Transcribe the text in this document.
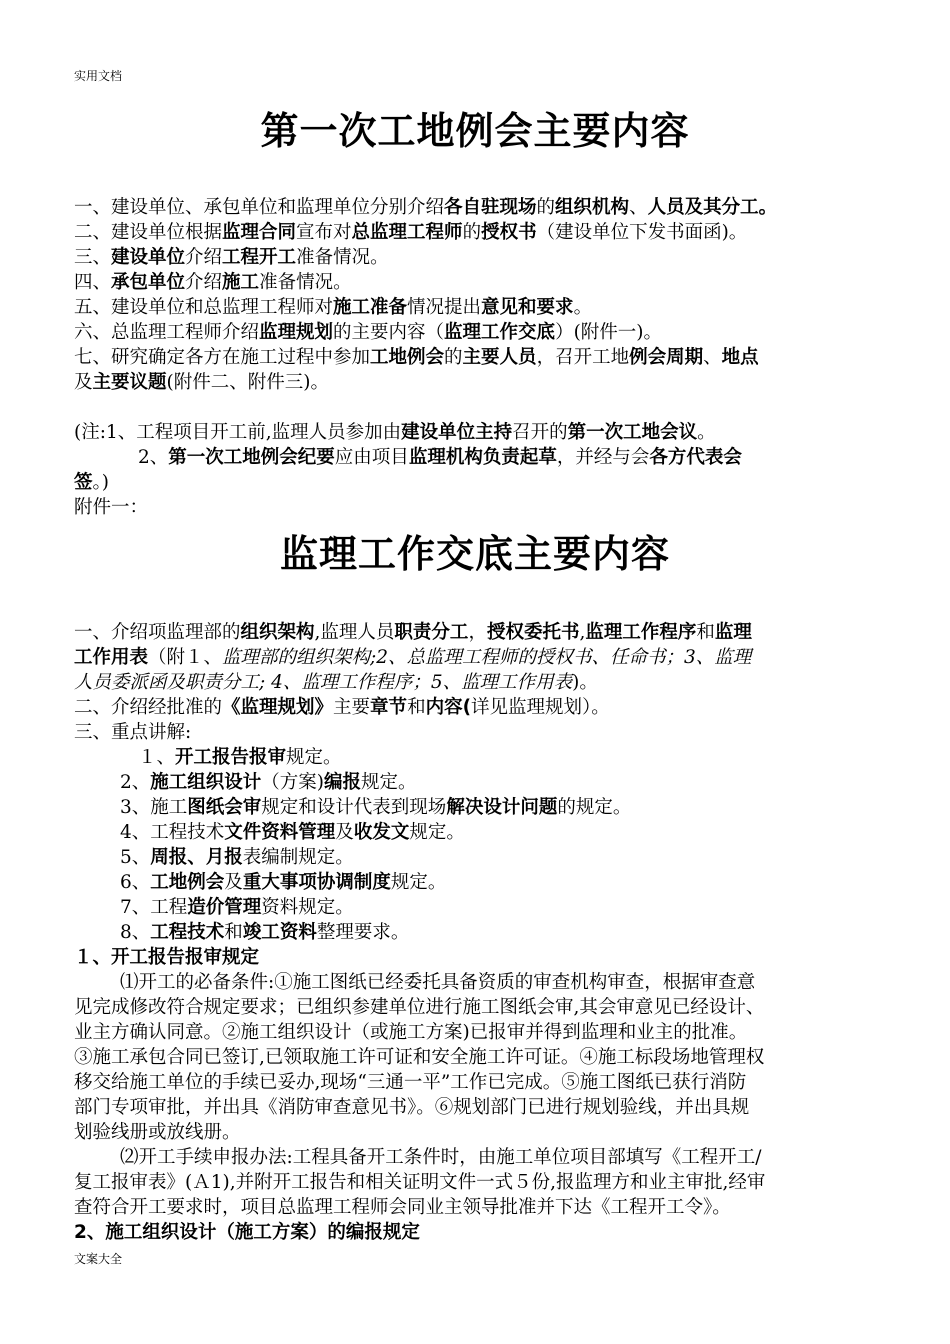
实用文档
第一次工地例会主要内容
监理工作交底主要内容
一、建设单位、承包单位和监理单位分别介绍各自驻现场的组织机构、人员及其分工。
二、建设单位根据监理合同宣布对总监理工程师的授权书（建设单位下发书面函)。
三、建设单位介绍工程开工准备情况。
四、承包单位介绍施工准备情况。
五、建设单位和总监理工程师对施工准备情况提出意见和要求。
六、总监理工程师介绍监理规划的主要内容（监理工作交底）(附件一)。
七、研究确定各方在施工过程中参加工地例会的主要人员，召开工地例会周期、地点
及主要议题(附件二、附件三)。
(注:1、工程项目开工前,监理人员参加由建设单位主持召开的第一次工地会议。
2、第一次工地例会纪要应由项目监理机构负责起草，并经与会各方代表会
签。)
附件一：
一、介绍项监理部的组织架构,监理人员职责分工，授权委托书,监理工作程序和监理
工作用表（附１、监理部的组织架构;2、总监理工程师的授权书、任命书；3、监理
人员委派函及职责分工; 4、监理工作程序；5、监理工作用表)。
二、介绍经批准的《监理规划》主要章节和内容(详见监理规划）。
三、重点讲解:
１、开工报告报审规定。
2、施工组织设计（方案)编报规定。
3、施工图纸会审规定和设计代表到现场解决设计问题的规定。
4、工程技术文件资料管理及收发文规定。
5、周报、月报表编制规定。
6、工地例会及重大事项协调制度规定。
7、工程造价管理资料规定。
8、工程技术和竣工资料整理要求。
１、开工报告报审规定
⑴开工的必备条件:①施工图纸已经委托具备资质的审查机构审查，根据审查意
见完成修改符合规定要求；已组织参建单位进行施工图纸会审,其会审意见已经设计、
业主方确认同意。②施工组织设计（或施工方案)已报审并得到监理和业主的批准。
③施工承包合同已签订,已领取施工许可证和安全施工许可证。④施工标段场地管理权
移交给施工单位的手续已妥办,现场“三通一平”工作已完成。⑤施工图纸已获行消防
部门专项审批，并出具《消防审查意见书》。⑥规划部门已进行规划验线，并出具规
划验线册或放线册。
⑵开工手续申报办法:工程具备开工条件时，由施工单位项目部填写《工程开工/
复工报审表》(Ａ1),并附开工报告和相关证明文件一式５份,报监理方和业主审批,经审
查符合开工要求时，项目总监理工程师会同业主领导批准并下达《工程开工令》。
2、施工组织设计（施工方案）的编报规定
文案大全
